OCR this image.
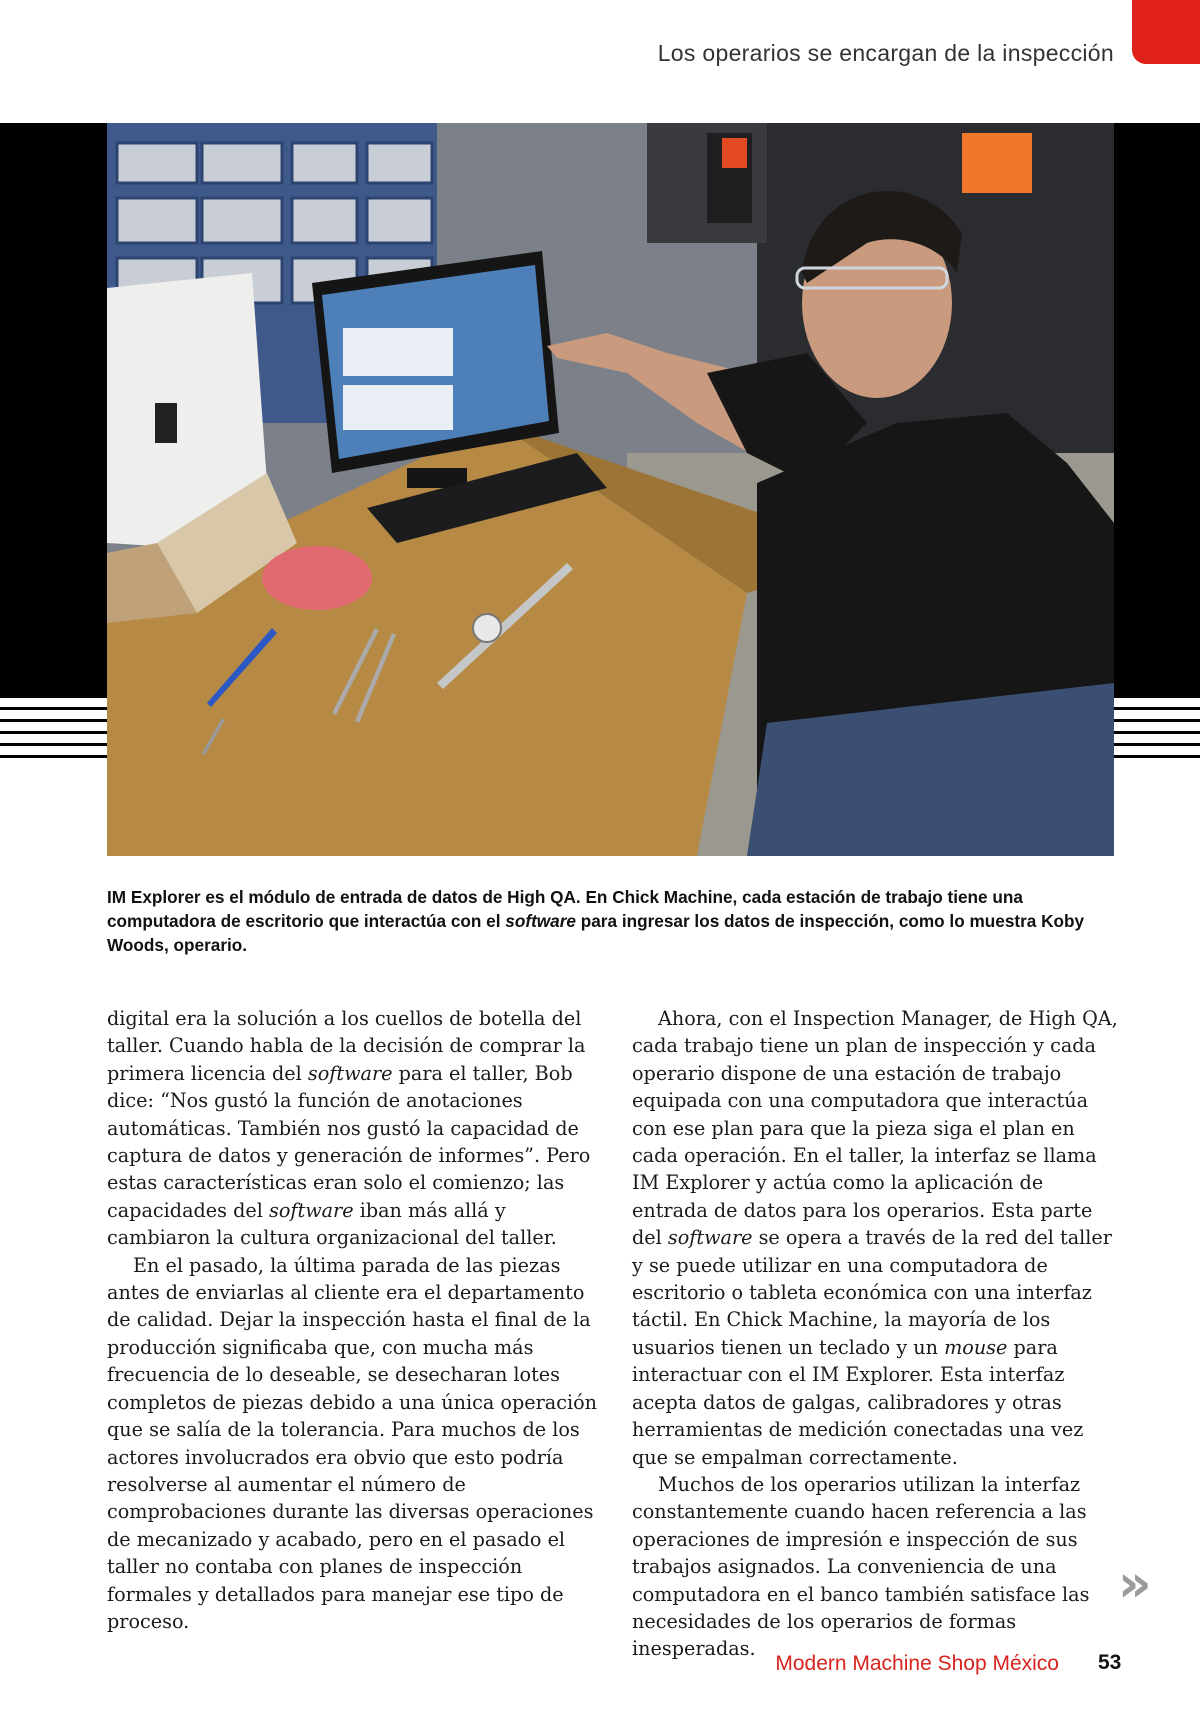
Los operarios se encargan de la inspección
IM Explorer es el módulo de entrada de datos de High QA. En Chick Machine, cada estación de trabajo tiene una computadora de escritorio que interactúa con el software para ingresar los datos de inspección, como lo muestra Koby Woods, operario.

digital era la solución a los cuellos de botella del taller. Cuando habla de la decisión de comprar la primera licencia del software para el taller, Bob dice: “Nos gustó la función de anotaciones automáticas. También nos gustó la capacidad de captura de datos y generación de informes”. Pero estas características eran solo el comienzo; las capacidades del software iban más allá y cambiaron la cultura organizacional del taller.

En el pasado, la última parada de las piezas antes de enviarlas al cliente era el departamento de calidad. Dejar la inspección hasta el final de la producción significaba que, con mucha más frecuencia de lo deseable, se desecharan lotes completos de piezas debido a una única operación que se salía de la tolerancia. Para muchos de los actores involucrados era obvio que esto podría resolverse al aumentar el número de comprobaciones durante las diversas operaciones de mecanizado y acabado, pero en el pasado el taller no contaba con planes de inspección formales y detallados para manejar ese tipo de proceso.

Ahora, con el Inspection Manager, de High QA, cada trabajo tiene un plan de inspección y cada operario dispone de una estación de trabajo equipada con una computadora que interactúa con ese plan para que la pieza siga el plan en cada operación. En el taller, la interfaz se llama IM Explorer y actúa como la aplicación de entrada de datos para los operarios. Esta parte del software se opera a través de la red del taller y se puede utilizar en una computadora de escritorio o tableta económica con una interfaz táctil. En Chick Machine, la mayoría de los usuarios tienen un teclado y un mouse para interactuar con el IM Explorer. Esta interfaz acepta datos de galgas, calibradores y otras herramientas de medición conectadas una vez que se empalman correctamente.

Muchos de los operarios utilizan la interfaz constantemente cuando hacen referencia a las operaciones de impresión e inspección de sus trabajos asignados. La conveniencia de una computadora en el banco también satisface las necesidades de los operarios de formas inesperadas.

»
Modern Machine Shop México 53
